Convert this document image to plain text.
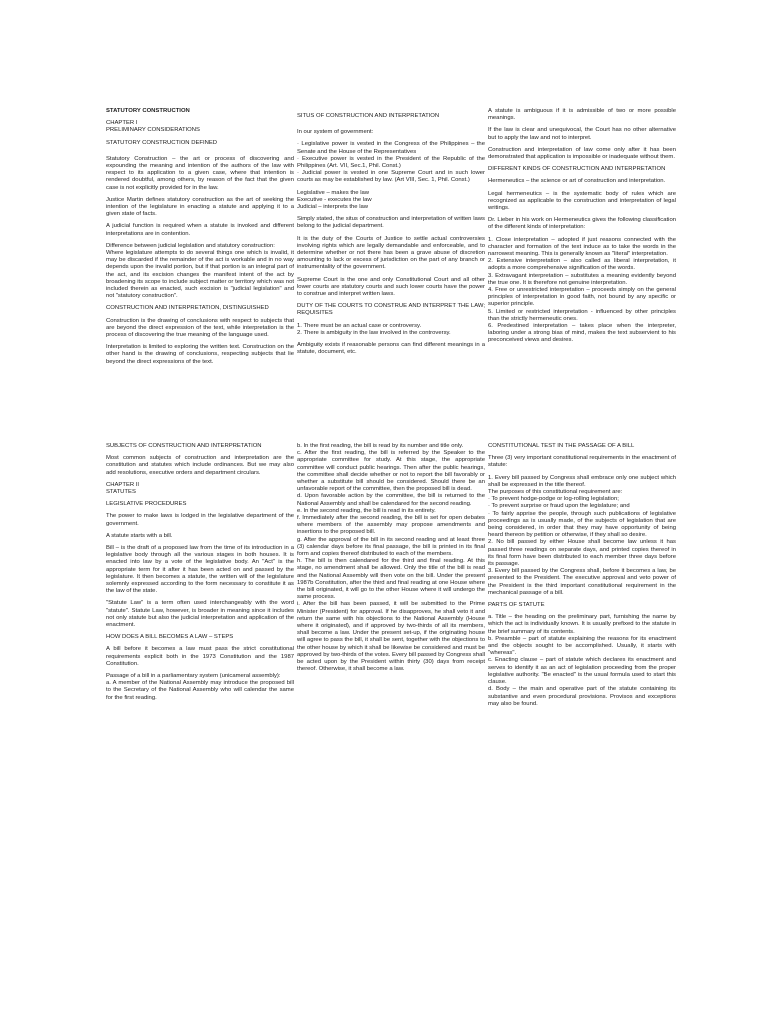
STATUTORY CONSTRUCTION

CHAPTER I

PRELIMINARY CONSIDERATIONS

STATUTORY CONSTRUCTION DEFINED

Statutory Construction – the art or process of discovering and expounding the meaning and intention of the authors of the law with respect to its application to a given case, where that intention is rendered doubtful, among others, by reason of the fact that the given case is not explicitly provided for in the law.

Justice Martin defines statutory construction as the art of seeking the intention of the legislature in enacting a statute and applying it to a given state of facts.

A judicial function is required when a statute is invoked and different interpretations are in contention.

Difference between judicial legislation and statutory construction:

Where legislature attempts to do several things one which is invalid, it may be discarded if the remainder of the act is workable and in no way depends upon the invalid portion, but if that portion is an integral part of the act, and its excision changes the manifest intent of the act by broadening its scope to include subject matter or territory which was not included therein as enacted, such excision is "judicial legislation" and not "statutory construction".

CONSTRUCTION AND INTERPRETATION, DISTINGUISHED

Construction is the drawing of conclusions with respect to subjects that are beyond the direct expression of the text, while interpretation is the process of discovering the true meaning of the language used.

Interpretation is limited to exploring the written text. Construction on the other hand is the drawing of conclusions, respecting subjects that lie beyond the direct expressions of the text.

SITUS OF CONSTRUCTION AND INTERPRETATION

In our system of government:

· Legislative power is vested in the Congress of the Philippines – the Senate and the House of the Representatives

· Executive power is vested in the President of the Republic of the Philippines (Art. VII, Sec.1, Phil. Const.)

· Judicial power is vested in one Supreme Court and in such lower courts as may be established by law. (Art VIII, Sec. 1, Phil. Const.)

Legislative – makes the law

Executive - executes the law

Judicial – interprets the law

Simply stated, the situs of construction and interpretation of written laws belong to the judicial department.

It is the duty of the Courts of Justice to settle actual controversies involving rights which are legally demandable and enforceable, and to determine whether or not there has been a grave abuse of discretion amounting to lack or excess of jurisdiction on the part of any branch or instrumentality of the government.

Supreme Court is the one and only Constitutional Court and all other lower courts are statutory courts and such lower courts have the power to construe and interpret written laws.

DUTY OF THE COURTS TO CONSTRUE AND INTERPRET THE LAW; REQUISITES

1. There must be an actual case or controversy.

2. There is ambiguity in the law involved in the controversy.

Ambiguity exists if reasonable persons can find different meanings in a statute, document, etc.

A statute is ambiguous if it is admissible of two or more possible meanings.

If the law is clear and unequivocal, the Court has no other alternative but to apply the law and not to interpret.

Construction and interpretation of law come only after it has been demonstrated that application is impossible or inadequate without them.

DIFFERENT KINDS OF CONSTRUCTION AND INTERPRETATION

Hermeneutics – the science or art of construction and interpretation.

Legal hermeneutics – is the systematic body of rules which are recognized as applicable to the construction and interpretation of legal writings.

Dr. Lieber in his work on Hermeneutics gives the following classification of the different kinds of interpretation:

1. Close interpretation – adopted if just reasons connected with the character and formation of the text induce as to take the words in the narrowest meaning. This is generally known as "literal" interpretation.

2. Extensive interpretation – also called as liberal interpretation, it adopts a more comprehensive signification of the words.

3. Extravagant interpretation – substitutes a meaning evidently beyond the true one. It is therefore not genuine interpretation.

4. Free or unrestricted interpretation – proceeds simply on the general principles of interpretation in good faith, not bound by any specific or superior principle.

5. Limited or restricted interpretation - influenced by other principles than the strictly hermeneutic ones.

6. Predestined interpretation – takes place when the interpreter, laboring under a strong bias of mind, makes the text subservient to his preconceived views and desires.

SUBJECTS OF CONSTRUCTION AND INTERPRETATION

Most common subjects of construction and interpretation are the constitution and statutes which include ordinances. But we may also add resolutions, executive orders and department circulars.

CHAPTER II

STATUTES

LEGISLATIVE PROCEDURES

The power to make laws is lodged in the legislative department of the government.

A statute starts with a bill.

Bill – is the draft of a proposed law from the time of its introduction in a legislative body through all the various stages in both houses. It is enacted into law by a vote of the legislative body. An "Act" is the appropriate term for it after it has been acted on and passed by the legislature. It then becomes a statute, the written will of the legislature solemnly expressed according to the form necessary to constitute it as the law of the state.

"Statute Law" is a term often used interchangeably with the word "statute". Statute Law, however, is broader in meaning since it includes not only statute but also the judicial interpretation and application of the enactment.

HOW DOES A BILL BECOMES A LAW – STEPS

A bill before it becomes a law must pass the strict constitutional requirements explicit both in the 1973 Constitution and the 1987 Constitution.

Passage of a bill in a parliamentary system (unicameral assembly):

a. A member of the National Assembly may introduce the proposed bill to the Secretary of the National Assembly who will calendar the same for the first reading.

b. In the first reading, the bill is read by its number and title only.

c. After the first reading, the bill is referred by the Speaker to the appropriate committee for study. At this stage, the appropriate committee will conduct public hearings. Then after the public hearings, the committee shall decide whether or not to report the bill favorably or whether a substitute bill should be considered. Should there be an unfavorable report of the committee, then the proposed bill is dead.

d. Upon favorable action by the committee, the bill is returned to the National Assembly and shall be calendared for the second reading.

e. In the second reading, the bill is read in its entirety.

f. Immediately after the second reading, the bill is set for open debates where members of the assembly may propose amendments and insertions to the proposed bill.

g. After the approval of the bill in its second reading and at least three (3) calendar days before its final passage, the bill is printed in its final form and copies thereof distributed to each of the members.

h. The bill is then calendared for the third and final reading. At this stage, no amendment shall be allowed. Only the title of the bill is read and the National Assembly will then vote on the bill. Under the present 1987b Constitution, after the third and final reading at one House where the bill originated, it will go to the other House where it will undergo the same process.

i. After the bill has been passed, it will be submitted to the Prime Minister (President) for approval. If he disapproves, he shall veto it and return the same with his objections to the National Assembly (House where it originated), and if approved by two-thirds of all its members, shall become a law. Under the present set-up, if the originating house will agree to pass the bill, it shall be sent, together with the objections to the other house by which it shall be likewise be considered and must be approved by two-thirds of the votes. Every bill passed by Congress shall be acted upon by the President within thirty (30) days from receipt thereof. Otherwise, it shall become a law.

CONSTITUTIONAL TEST IN THE PASSAGE OF A BILL

Three (3) very important constitutional requirements in the enactment of statute:

1. Every bill passed by Congress shall embrace only one subject which shall be expressed in the title thereof.

The purposes of this constitutional requirement are:

· To prevent hodge-podge or log-rolling legislation;

· To prevent surprise or fraud upon the legislature; and

· To fairly apprise the people, through such publications of legislative proceedings as is usually made, of the subjects of legislation that are being considered, in order that they may have opportunity of being heard thereon by petition or otherwise, if they shall so desire.

2. No bill passed by either House shall become law unless it has passed three readings on separate days, and printed copies thereof in its final form have been distributed to each member three days before its passage.

3. Every bill passed by the Congress shall, before it becomes a law, be presented to the President. The executive approval and veto power of the President is the third important constitutional requirement in the mechanical passage of a bill.

PARTS OF STATUTE

a. Title – the heading on the preliminary part, furnishing the name by which the act is individually known. It is usually prefixed to the statute in the brief summary of its contents.

b. Preamble – part of statute explaining the reasons for its enactment and the objects sought to be accomplished. Usually, it starts with "whereas".

c. Enacting clause – part of statute which declares its enactment and serves to identify it as an act of legislation proceeding from the proper legislative authority. "Be enacted" is the usual formula used to start this clause.

d. Body – the main and operative part of the statute containing its substantive and even procedural provisions. Provisos and exceptions may also be found.
